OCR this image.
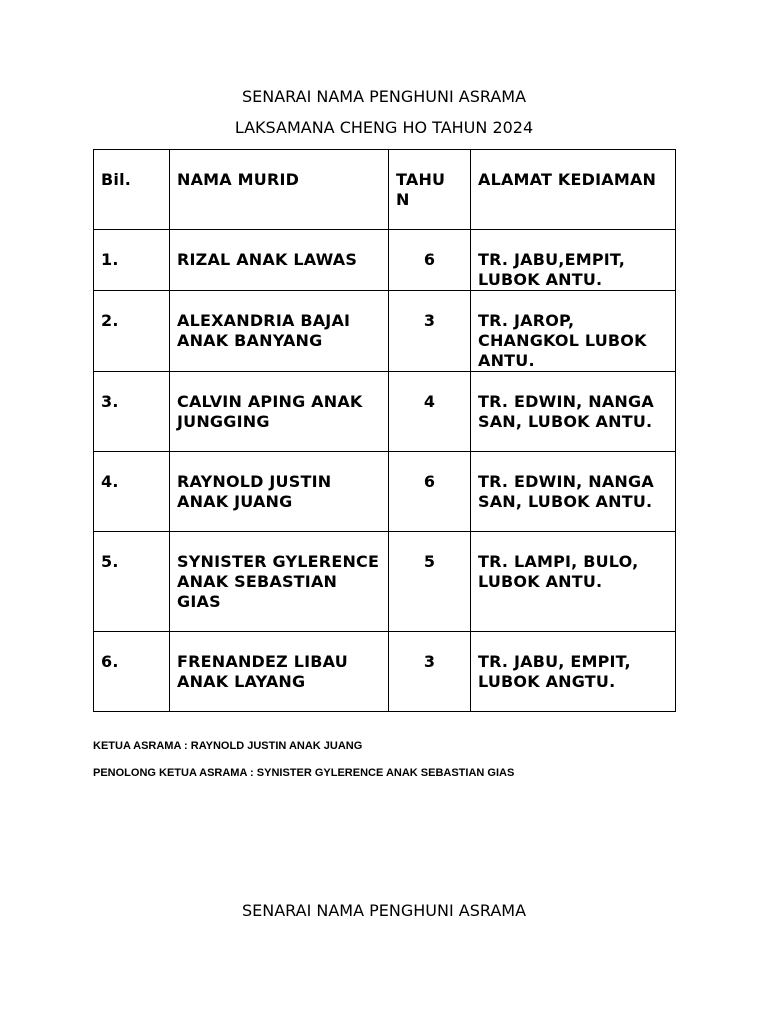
SENARAI NAMA PENGHUNI ASRAMA

LAKSAMANA CHENG HO TAHUN 2024

Bil.	NAMA MURID	TAHU N	ALAMAT KEDIAMAN
1.	RIZAL ANAK LAWAS	6	TR. JABU,EMPIT, LUBOK ANTU.
2.	ALEXANDRIA BAJAI ANAK BANYANG	3	TR. JAROP, CHANGKOL LUBOK ANTU.
3.	CALVIN APING ANAK JUNGGING	4	TR. EDWIN, NANGA SAN, LUBOK ANTU.
4.	RAYNOLD JUSTIN ANAK JUANG	6	TR. EDWIN, NANGA SAN, LUBOK ANTU.
5.	SYNISTER GYLERENCE ANAK SEBASTIAN GIAS	5	TR. LAMPI, BULO, LUBOK ANTU.
6.	FRENANDEZ LIBAU ANAK LAYANG	3	TR. JABU, EMPIT, LUBOK ANGTU.
KETUA ASRAMA : RAYNOLD JUSTIN ANAK JUANG
PENOLONG KETUA ASRAMA : SYNISTER GYLERENCE ANAK SEBASTIAN GIAS

SENARAI NAMA PENGHUNI ASRAMA
